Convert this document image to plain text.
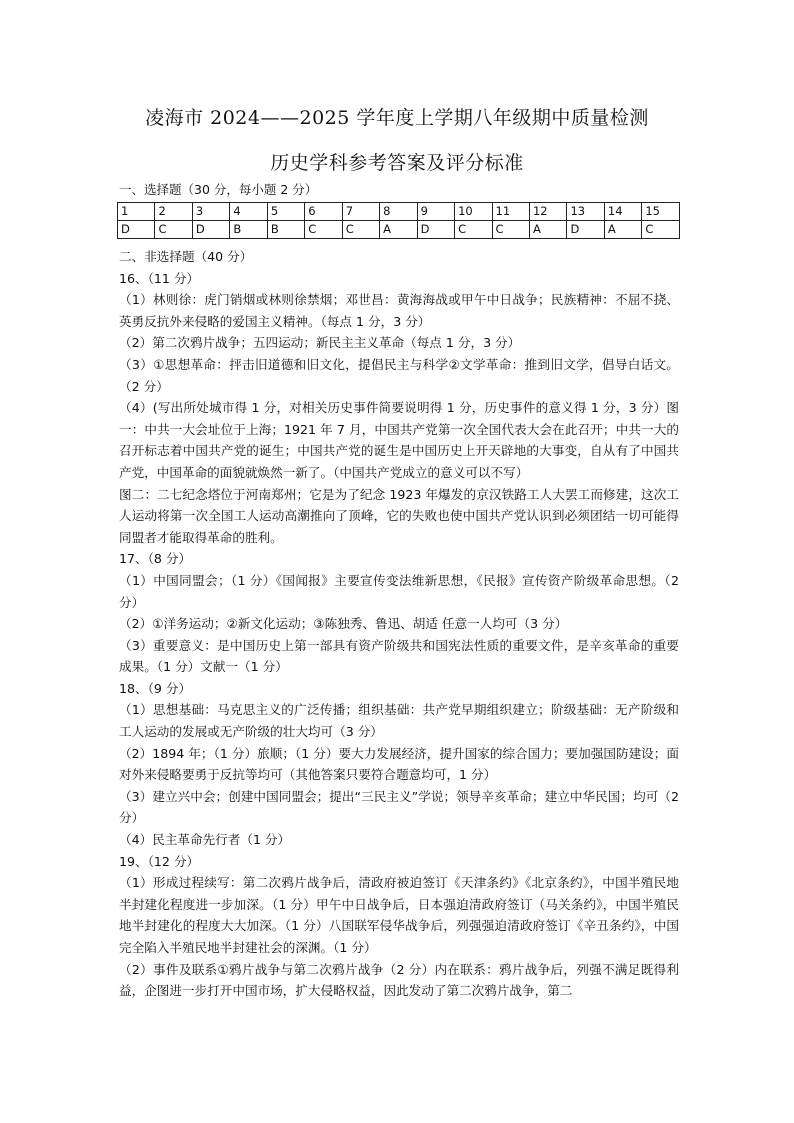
凌海市 2024——2025 学年度上学期八年级期中质量检测
历史学科参考答案及评分标准
一、选择题（30 分，每小题 2 分）
1	2	3	4	5	6	7	8	9	10	11	12	13	14	15
D	C	D	B	B	C	C	A	D	C	C	A	D	A	C

二、非选择题（40 分）

16、（11 分）

（1）林则徐：虎门销烟或林则徐禁烟；邓世昌：黄海海战或甲午中日战争；民族精神：不屈不挠、英勇反抗外来侵略的爱国主义精神。（每点 1 分，3 分）

（2）第二次鸦片战争；五四运动；新民主主义革命（每点 1 分，3 分）

（3）①思想革命：抨击旧道德和旧文化，提倡民主与科学②文学革命：推到旧文学，倡导白话文。（2 分）

（4）(写出所处城市得 1 分，对相关历史事件简要说明得 1 分，历史事件的意义得 1 分，3 分）图一：中共一大会址位于上海；1921 年 7 月，中国共产党第一次全国代表大会在此召开；中共一大的召开标志着中国共产党的诞生；中国共产党的诞生是中国历史上开天辟地的大事变，自从有了中国共产党，中国革命的面貌就焕然一新了。（中国共产党成立的意义可以不写）

图二：二七纪念塔位于河南郑州；它是为了纪念 1923 年爆发的京汉铁路工人大罢工而修建，这次工人运动将第一次全国工人运动高潮推向了顶峰，它的失败也使中国共产党认识到必须团结一切可能得同盟者才能取得革命的胜利。

17、（8 分）

（1）中国同盟会；（1 分）《国闻报》主要宣传变法维新思想，《民报》宣传资产阶级革命思想。（2 分）

（2）①洋务运动；②新文化运动；③陈独秀、鲁迅、胡适 任意一人均可（3 分）

（3）重要意义：是中国历史上第一部具有资产阶级共和国宪法性质的重要文件，是辛亥革命的重要成果。（1 分）文献一（1 分）

18、（9 分）

（1）思想基础：马克思主义的广泛传播；组织基础：共产党早期组织建立；阶级基础：无产阶级和工人运动的发展或无产阶级的壮大均可（3 分）

（2）1894 年；（1 分）旅顺；（1 分）要大力发展经济，提升国家的综合国力；要加强国防建设；面对外来侵略要勇于反抗等均可（其他答案只要符合题意均可，1 分）

（3）建立兴中会；创建中国同盟会；提出“三民主义”学说；领导辛亥革命；建立中华民国；均可（2 分）

（4）民主革命先行者（1 分）

19、（12 分）

（1）形成过程续写：第二次鸦片战争后，清政府被迫签订《天津条约》《北京条约》，中国半殖民地半封建化程度进一步加深。（1 分）甲午中日战争后，日本强迫清政府签订（马关条约》，中国半殖民地半封建化的程度大大加深。（1 分）八国联军侵华战争后，列强强迫清政府签订《辛丑条约》，中国完全陷入半殖民地半封建社会的深渊。（1 分）

（2）事件及联系①鸦片战争与第二次鸦片战争（2 分）内在联系：鸦片战争后，列强不满足既得利益，企图进一步打开中国市场，扩大侵略权益，因此发动了第二次鸦片战争，第二
